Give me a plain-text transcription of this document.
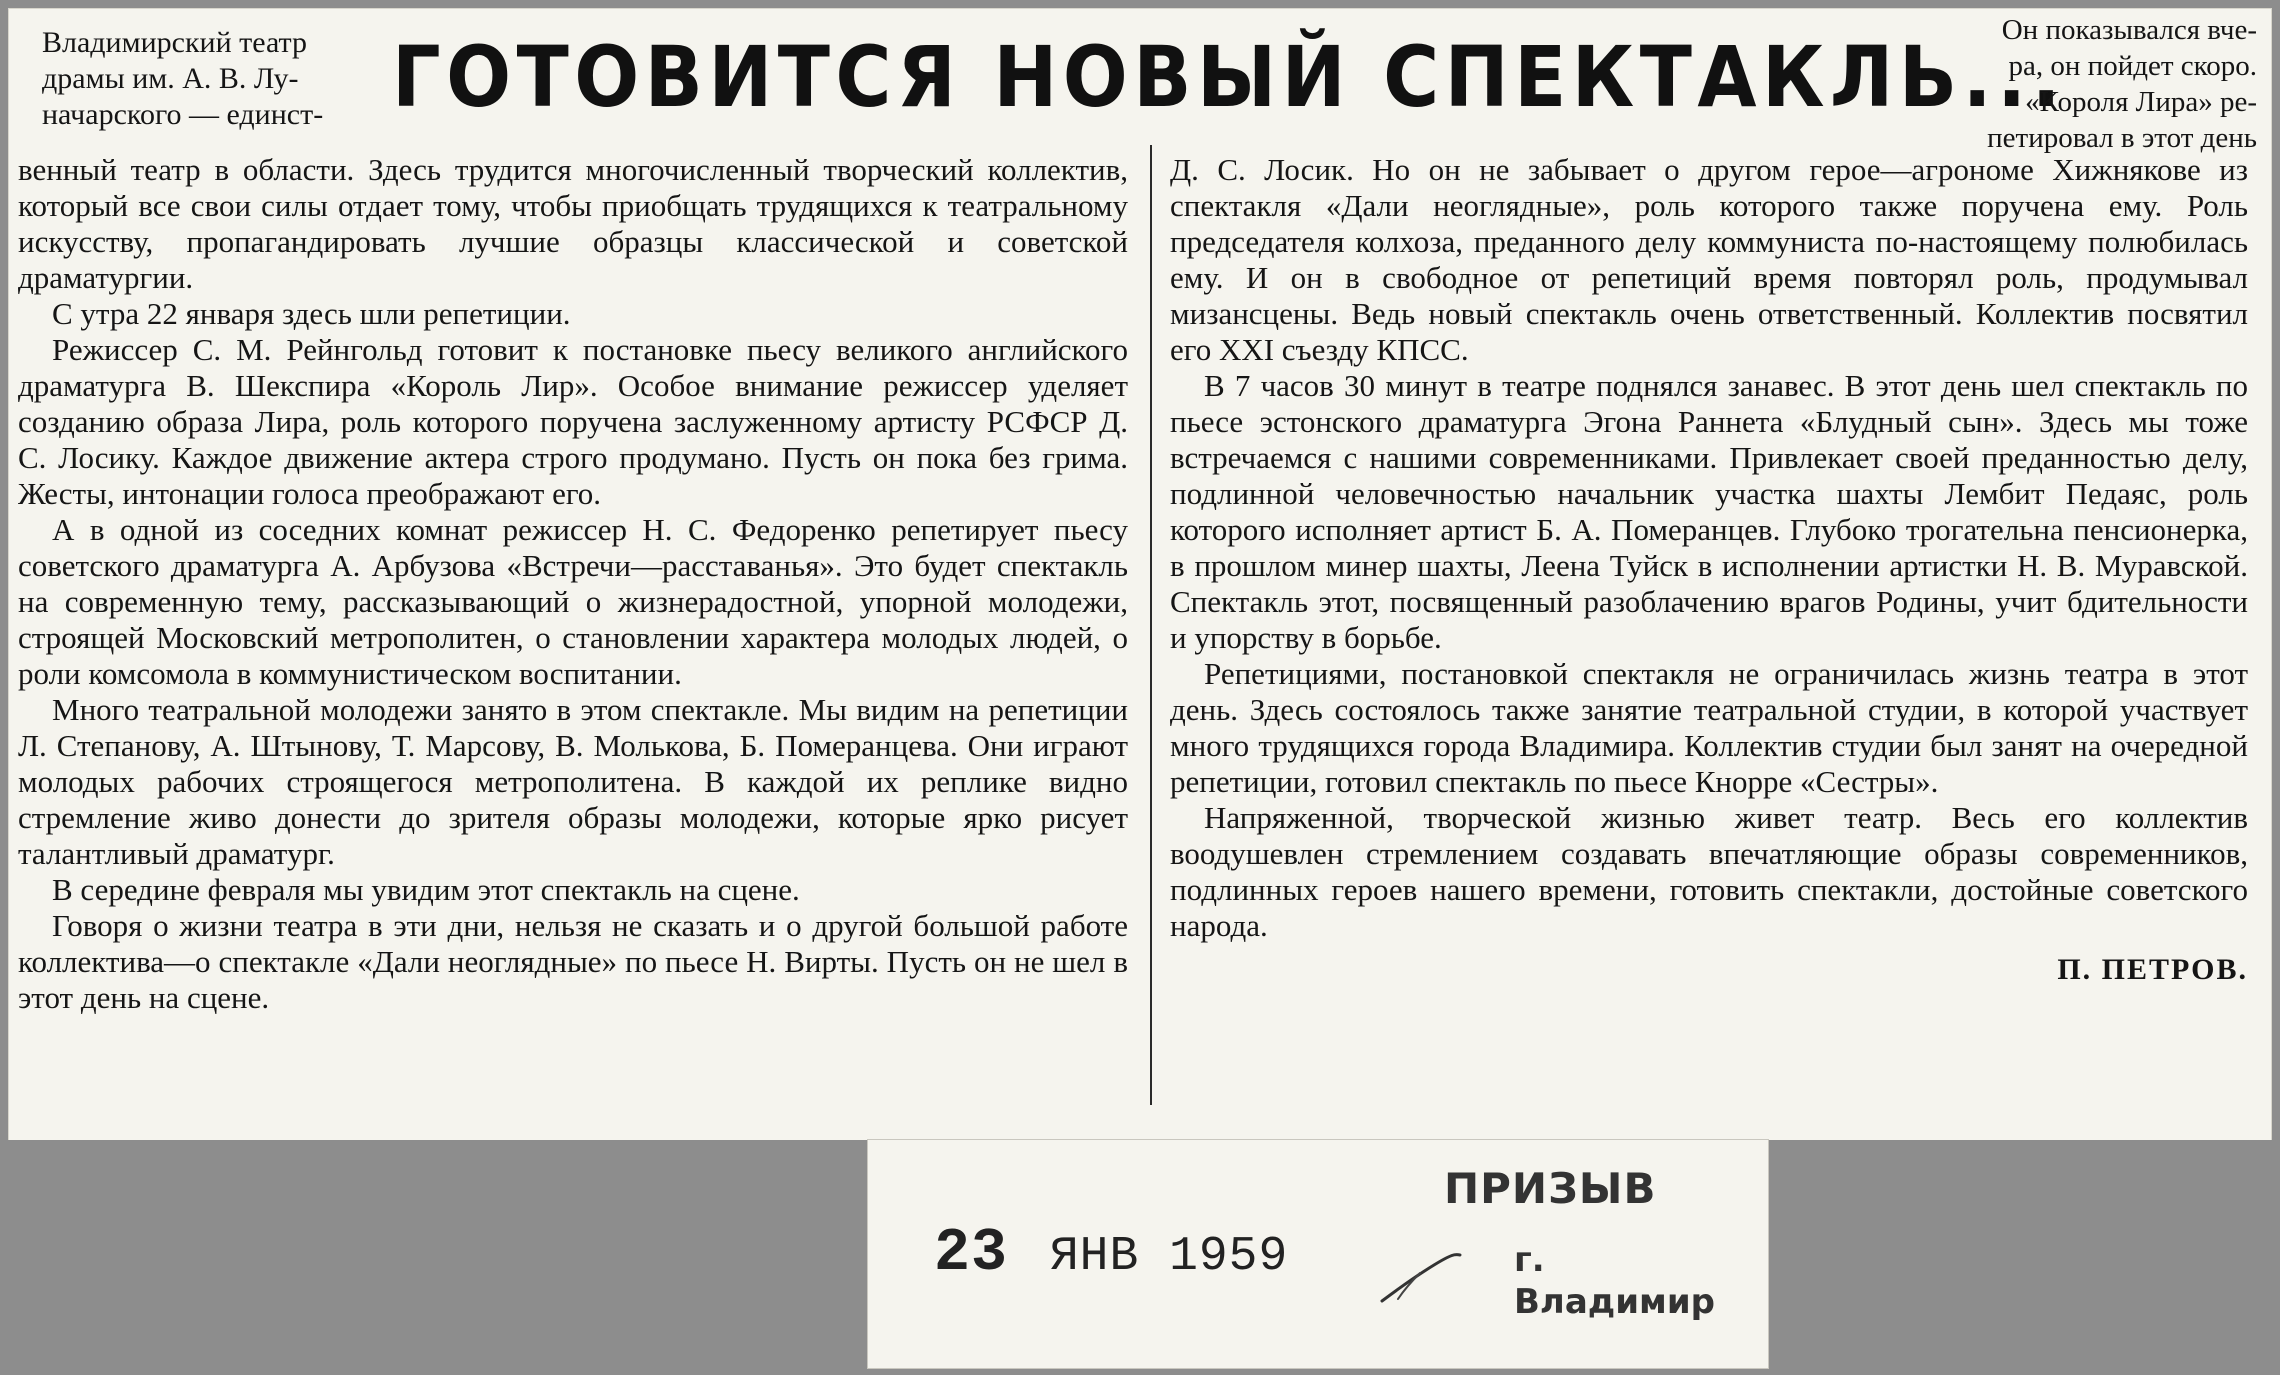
Владимирский театр
драмы им. А. В. Лу-
начарского — единст- ГОТОВИТСЯ НОВЫЙ СПЕКТАКЛЬ...
Он показывался вче-
ра, он пойдет скоро.
«Короля Лира» ре-
петировал в этот день

венный театр в области. Здесь трудится многочисленный творческий коллектив, который все свои силы отдает тому, чтобы приобщать трудящихся к театральному искусству, пропагандировать лучшие образцы классической и советской драматургии.

С утра 22 января здесь шли репетиции.

Режиссер С. М. Рейнгольд готовит к постановке пьесу великого английского драматурга В. Шекспира «Король Лир». Особое внимание режиссер уделяет созданию образа Лира, роль которого поручена заслуженному артисту РСФСР Д. С. Лосику. Каждое движение актера строго продумано. Пусть он пока без грима. Жесты, интонации голоса преображают его.

А в одной из соседних комнат режиссер Н. С. Федоренко репетирует пьесу советского драматурга А. Арбузова «Встречи—расставанья». Это будет спектакль на современную тему, рассказывающий о жизнерадостной, упорной молодежи, строящей Московский метрополитен, о становлении характера молодых людей, о роли комсомола в коммунистическом воспитании.

Много театральной молодежи занято в этом спектакле. Мы видим на репетиции Л. Степанову, А. Штынову, Т. Марсову, В. Молькова, Б. Померанцева. Они играют молодых рабочих строящегося метрополитена. В каждой их реплике видно стремление живо донести до зрителя образы молодежи, которые ярко рисует талантливый драматург.

В середине февраля мы увидим этот спектакль на сцене.

Говоря о жизни театра в эти дни, нельзя не сказать и о другой большой работе коллектива—о спектакле «Дали неоглядные» по пьесе Н. Вирты. Пусть он не шел в этот день на сцене.

Д. С. Лосик. Но он не забывает о другом герое—агрономе Хижнякове из спектакля «Дали неоглядные», роль которого также поручена ему. Роль председателя колхоза, преданного делу коммуниста по-настоящему полюбилась ему. И он в свободное от репетиций время повторял роль, продумывал мизансцены. Ведь новый спектакль очень ответственный. Коллектив посвятил его XXI съезду КПСС.

В 7 часов 30 минут в театре поднялся занавес. В этот день шел спектакль по пьесе эстонского драматурга Эгона Раннета «Блудный сын». Здесь мы тоже встречаемся с нашими современниками. Привлекает своей преданностью делу, подлинной человечностью начальник участка шахты Лембит Педаяс, роль которого исполняет артист Б. А. Померанцев. Глубоко трогательна пенсионерка, в прошлом минер шахты, Леена Туйск в исполнении артистки Н. В. Муравской. Спектакль этот, посвященный разоблачению врагов Родины, учит бдительности и упорству в борьбе.

Репетициями, постановкой спектакля не ограничилась жизнь театра в этот день. Здесь состоялось также занятие театральной студии, в которой участвует много трудящихся города Владимира. Коллектив студии был занят на очередной репетиции, готовил спектакль по пьесе Кнорре «Сестры».

Напряженной, творческой жизнью живет театр. Весь его коллектив воодушевлен стремлением создавать впечатляющие образы современников, подлинных героев нашего времени, готовить спектакли, достойные советского народа.

П. ПЕТРОВ.
23 ЯНВ 1959
ПРИЗЫВ
г. Владимир
